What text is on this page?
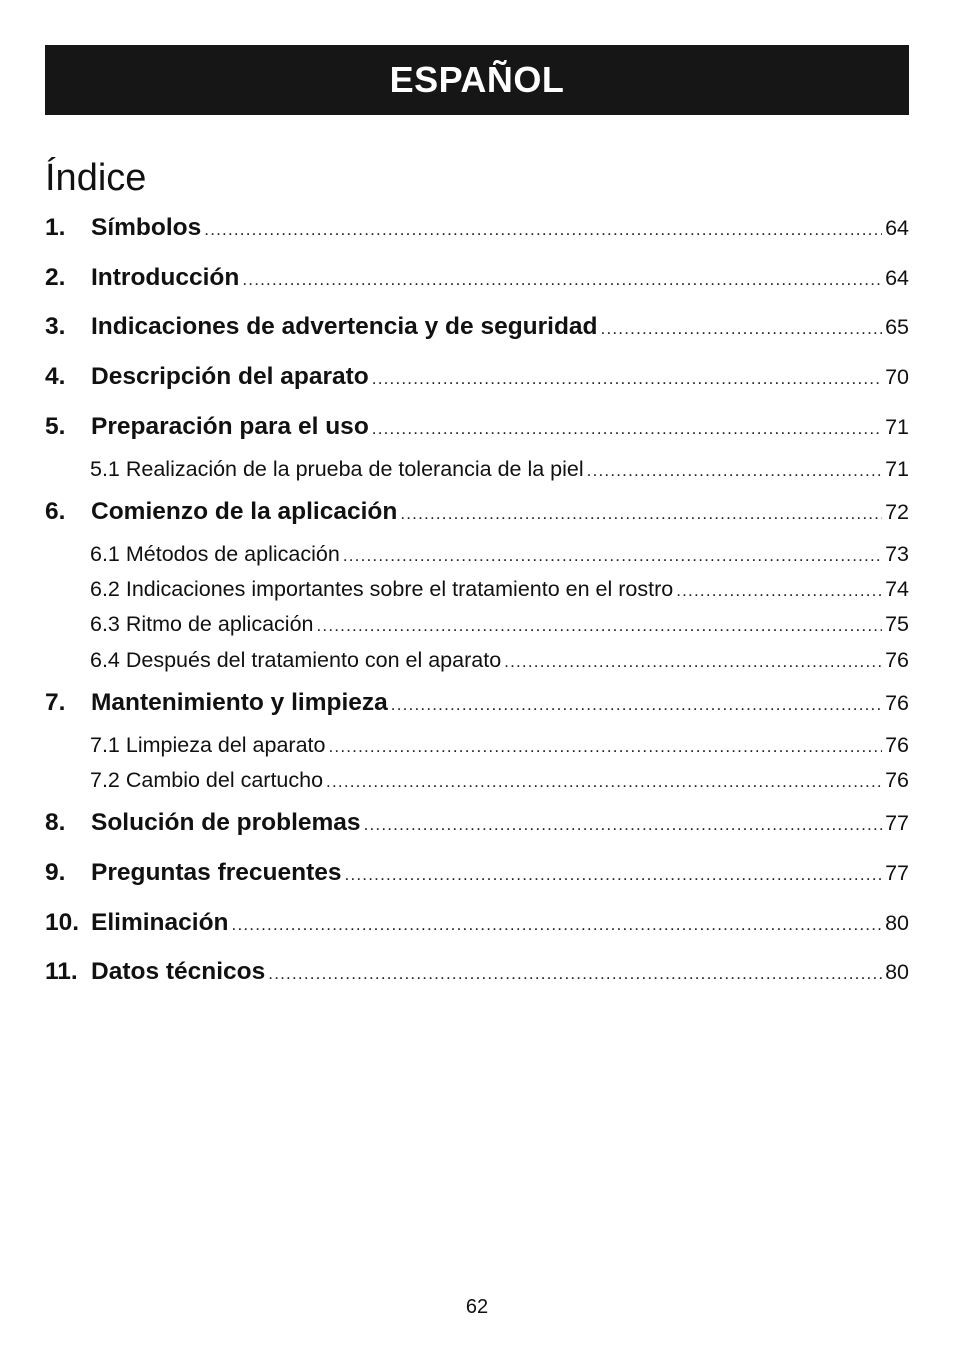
ESPAÑOL
Índice
1.	Símbolos .....	64
2.	Introducción .....	64
3.	Indicaciones de advertencia y de seguridad .....	65
4.	Descripción del aparato .....	70
5.	Preparación para el uso .....	71
5.1 Realización de la prueba de tolerancia de la piel .....	71
6.	Comienzo de la aplicación .....	72
6.1 Métodos de aplicación .....	73
6.2 Indicaciones importantes sobre el tratamiento en el rostro .....	74
6.3 Ritmo de aplicación .....	75
6.4 Después del tratamiento con el aparato .....	76
7.	Mantenimiento y limpieza .....	76
7.1 Limpieza del aparato .....	76
7.2 Cambio del cartucho .....	76
8.	Solución de problemas .....	77
9.	Preguntas frecuentes .....	77
10. Eliminación .....	80
11. Datos técnicos .....	80
62
